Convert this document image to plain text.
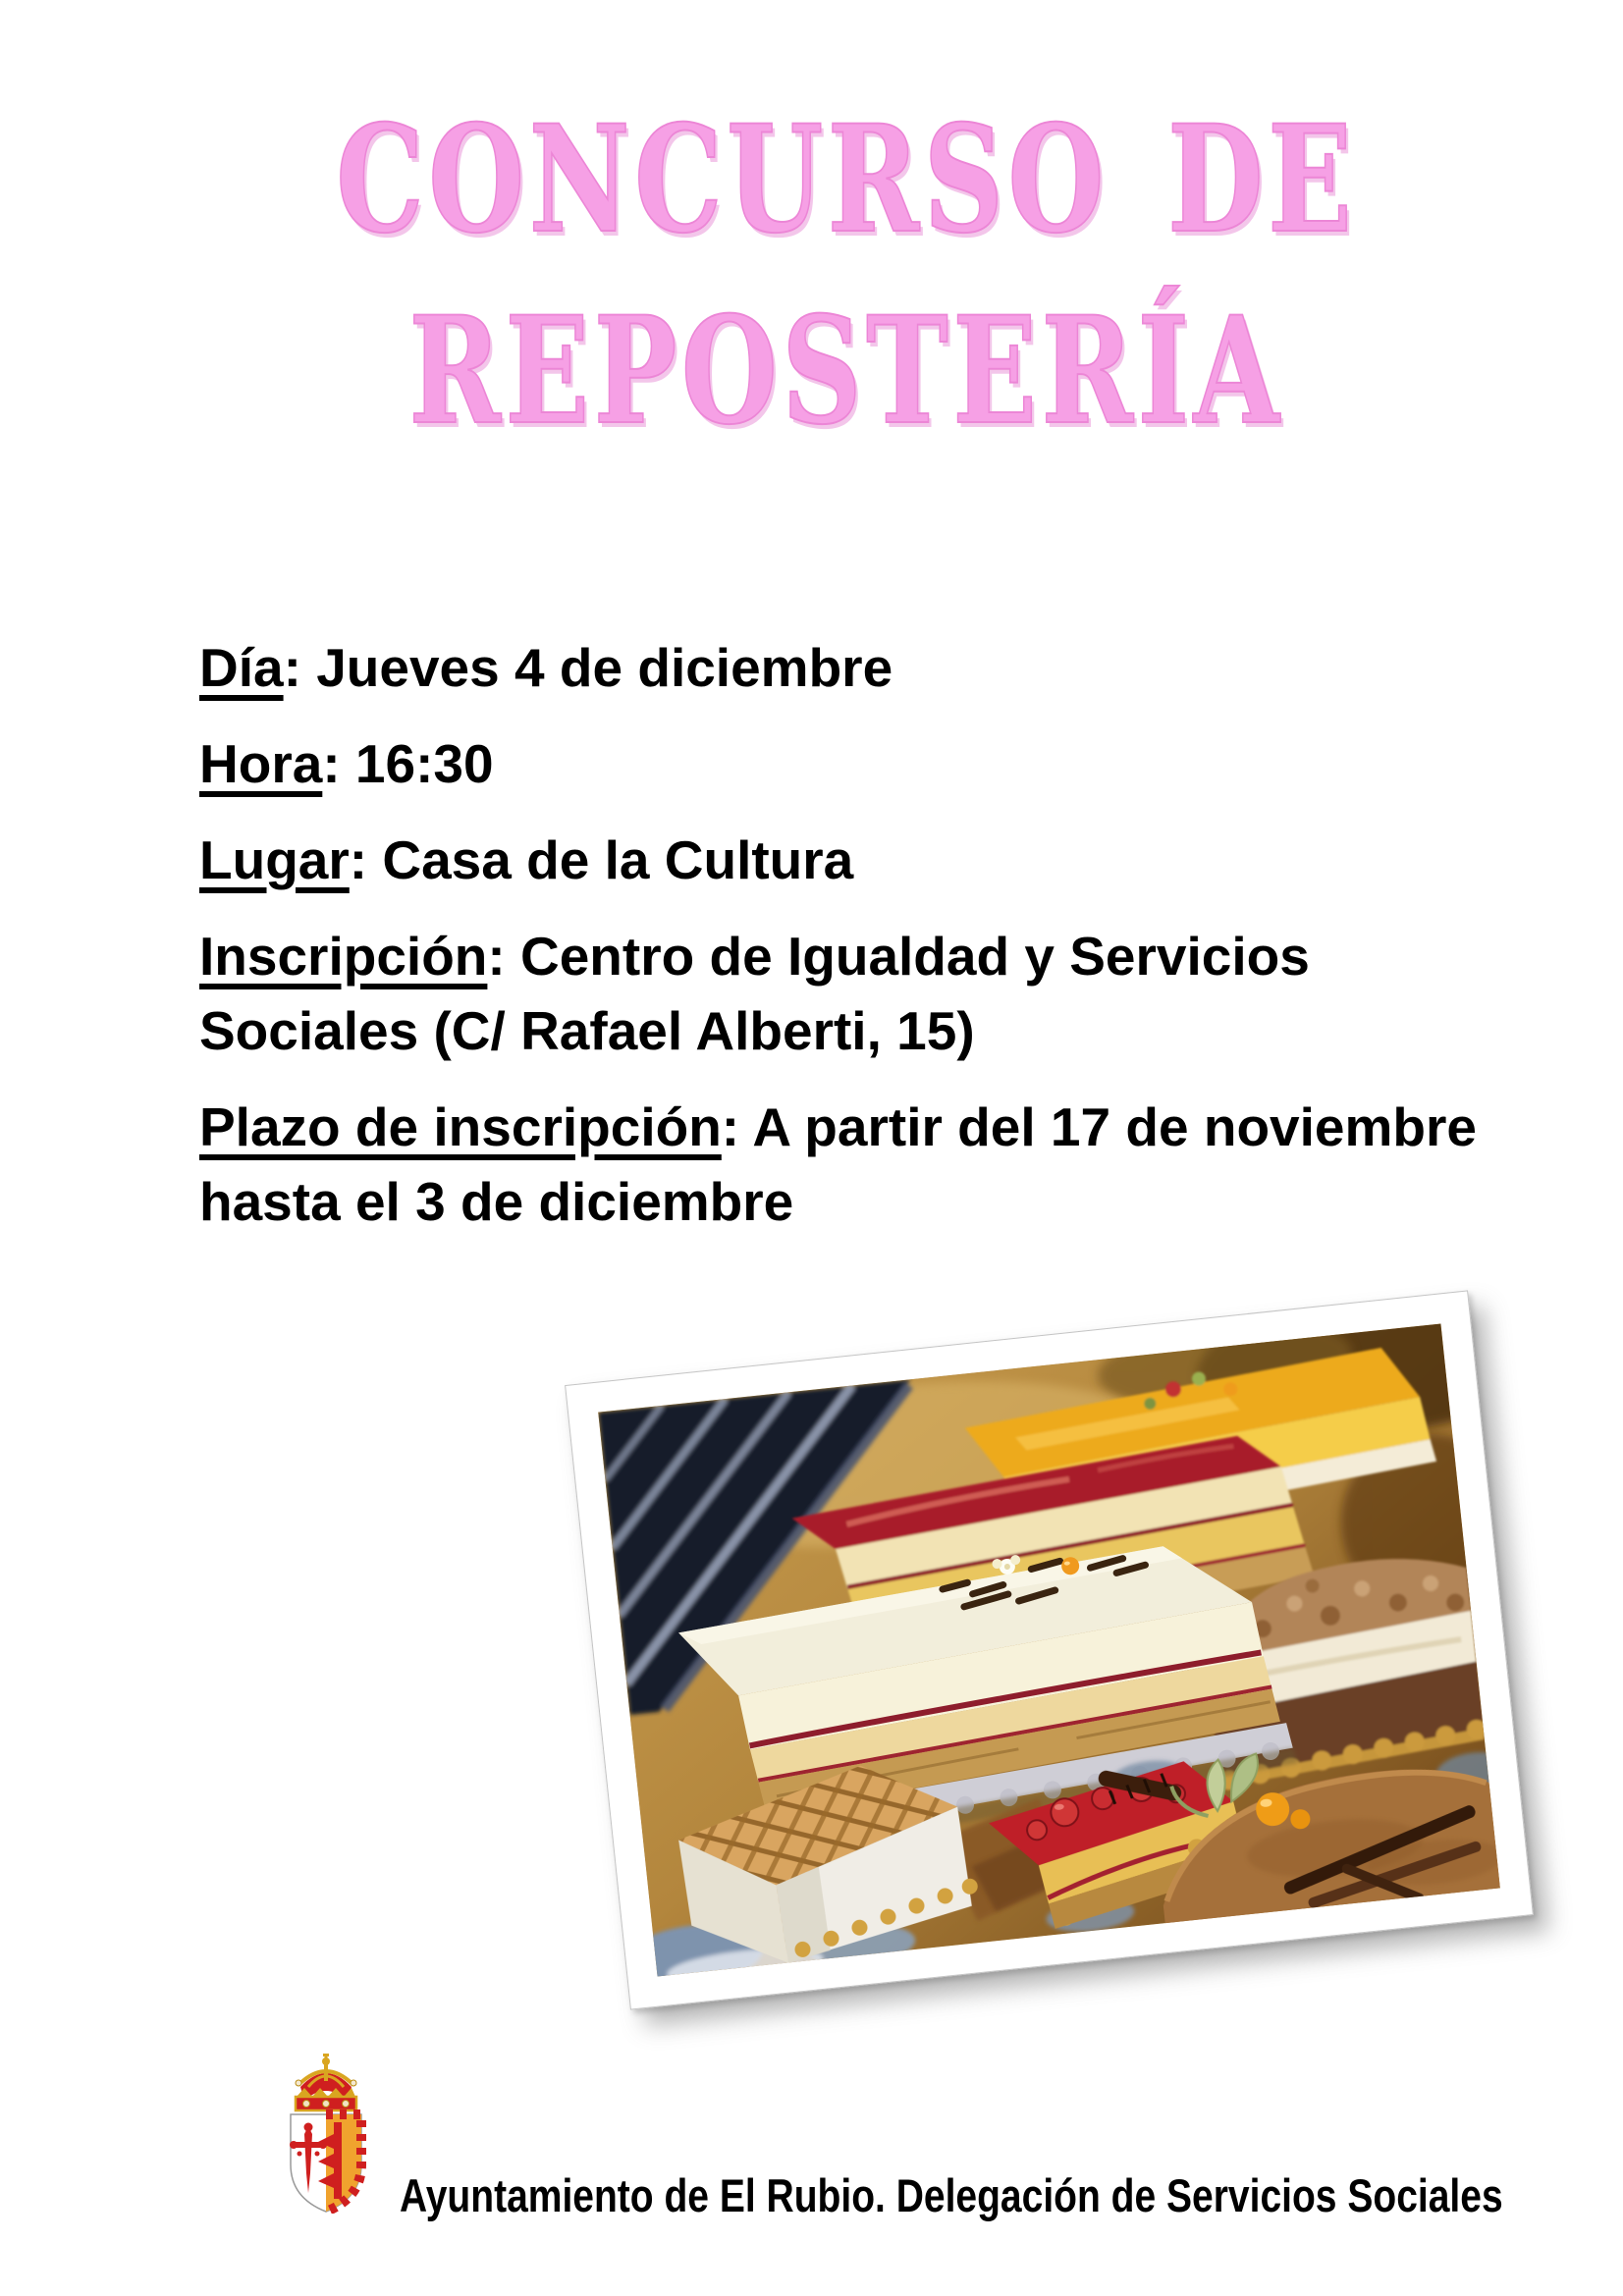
CONCURSO DE
REPOSTERÍA

Día: Jueves 4 de diciembre

Hora: 16:30

Lugar: Casa de la Cultura

Inscripción: Centro de Igualdad y Servicios Sociales (C/ Rafael Alberti, 15)

Plazo de inscripción: A partir del 17 de noviembre hasta el 3 de diciembre

Ayuntamiento de El Rubio. Delegación de Servicios Sociales
